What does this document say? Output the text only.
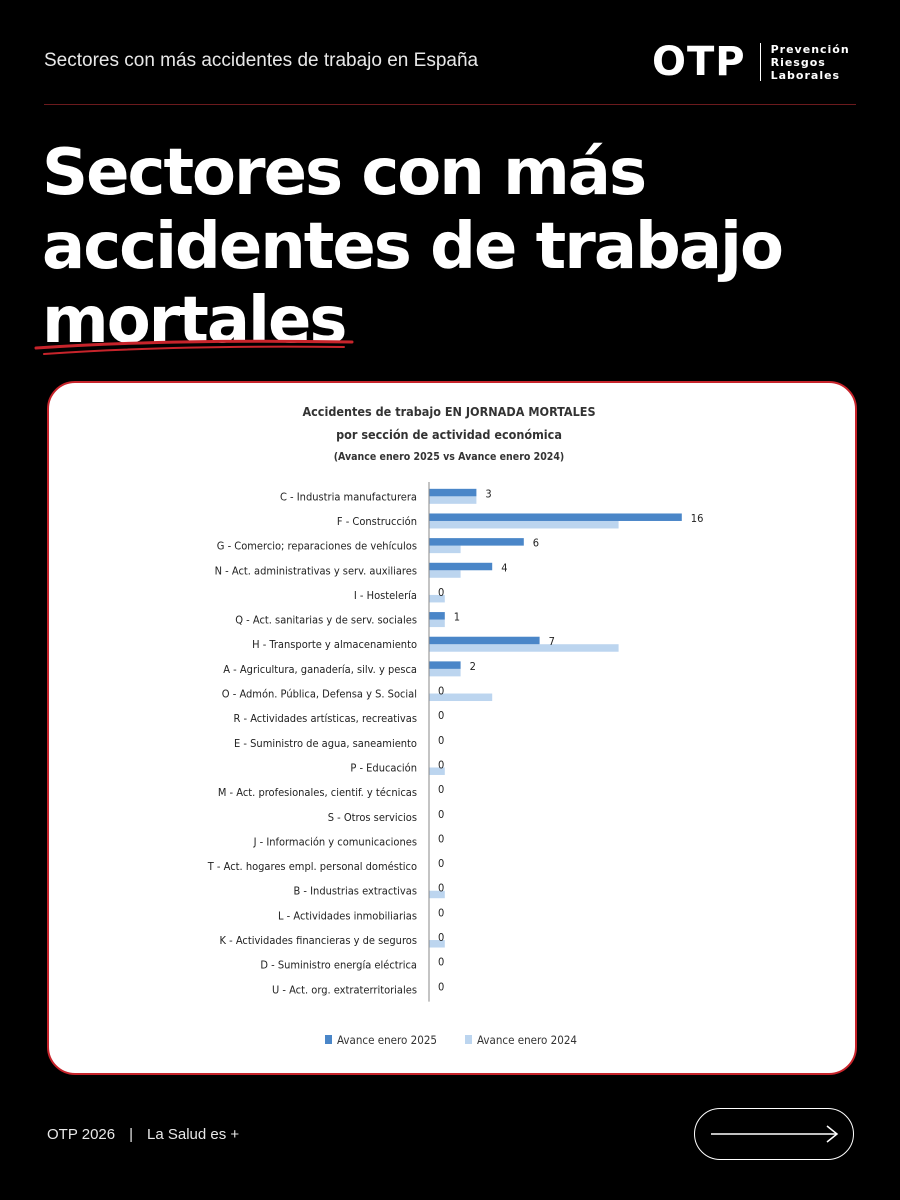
Sectores con más accidentes de trabajo en España	OTP Prevención
Riesgos
Laborales
Sectores con más
accidentes de trabajo
mortales
Accidentes de trabajo EN JORNADA MORTALES
por sección de actividad económica
(Avance enero 2025 vs Avance enero 2024)
C - Industria manufacturera
F - Construcción
G - Comercio; reparaciones de vehículos
N - Act. administrativas y serv. auxiliares
I - Hostelería
Q - Act. sanitarias y de serv. sociales
H - Transporte y almacenamiento
A - Agricultura, ganadería, silv. y pesca
O - Admón. Pública, Defensa y S. Social
R - Actividades artísticas, recreativas
E - Suministro de agua, saneamiento
P - Educación
M - Act. profesionales, cientif. y técnicas
S - Otros servicios
J - Información y comunicaciones
T - Act. hogares empl. personal doméstico
B - Industrias extractivas
L - Actividades inmobiliarias
K - Actividades financieras y de seguros
D - Suministro energía eléctrica
U - Act. org. extraterritoriales
3
16
6
4
0
1
7
2
0
0
0
0
0
0
0
0
0
0
0
0
0
Avance enero 2025	Avance enero 2024
OTP 2026 | La Salud es +
